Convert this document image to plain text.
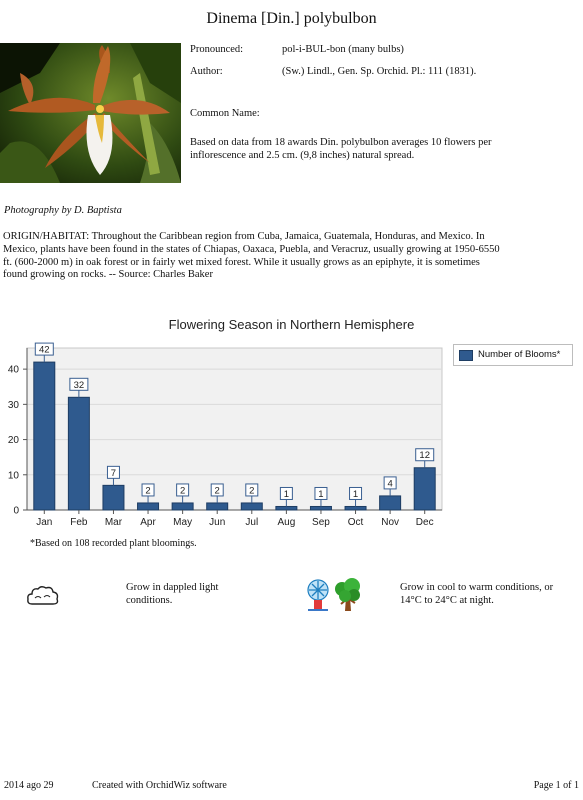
Dinema [Din.] polybulbon
Pronounced:	pol-i-BUL-bon (many bulbs)
Author:	(Sw.) Lindl., Gen. Sp. Orchid. Pl.: 111 (1831).
Common Name:
Based on data from 18 awards Din. polybulbon averages 10 flowers per
inflorescence and 2.5 cm. (9,8 inches) natural spread.
Photography by D. Baptista
ORIGIN/HABITAT: Throughout the Caribbean region from Cuba, Jamaica, Guatemala, Honduras, and Mexico. In
Mexico, plants have been found in the states of Chiapas, Oaxaca, Puebla, and Veracruz, usually growing at 1950-6550
ft. (600-2000 m) in oak forest or in fairly wet mixed forest. While it usually grows as an epiphyte, it is sometimes
found growing on rocks. -- Source: Charles Baker
Flowering Season in Northern Hemisphere
0
10
20
30
40
42
Jan
32
Feb
7
Mar
2
Apr
2
May
2
Jun
2
Jul
1
Aug
1
Sep
1
Oct
4
Nov
12
Dec
Number of Blooms*
*Based on 108 recorded plant bloomings.
Grow in dappled light
conditions.
Grow in cool to warm conditions, or
14°C to 24°C at night.
2014 ago 29	Created with OrchidWiz software	Page 1 of 1
